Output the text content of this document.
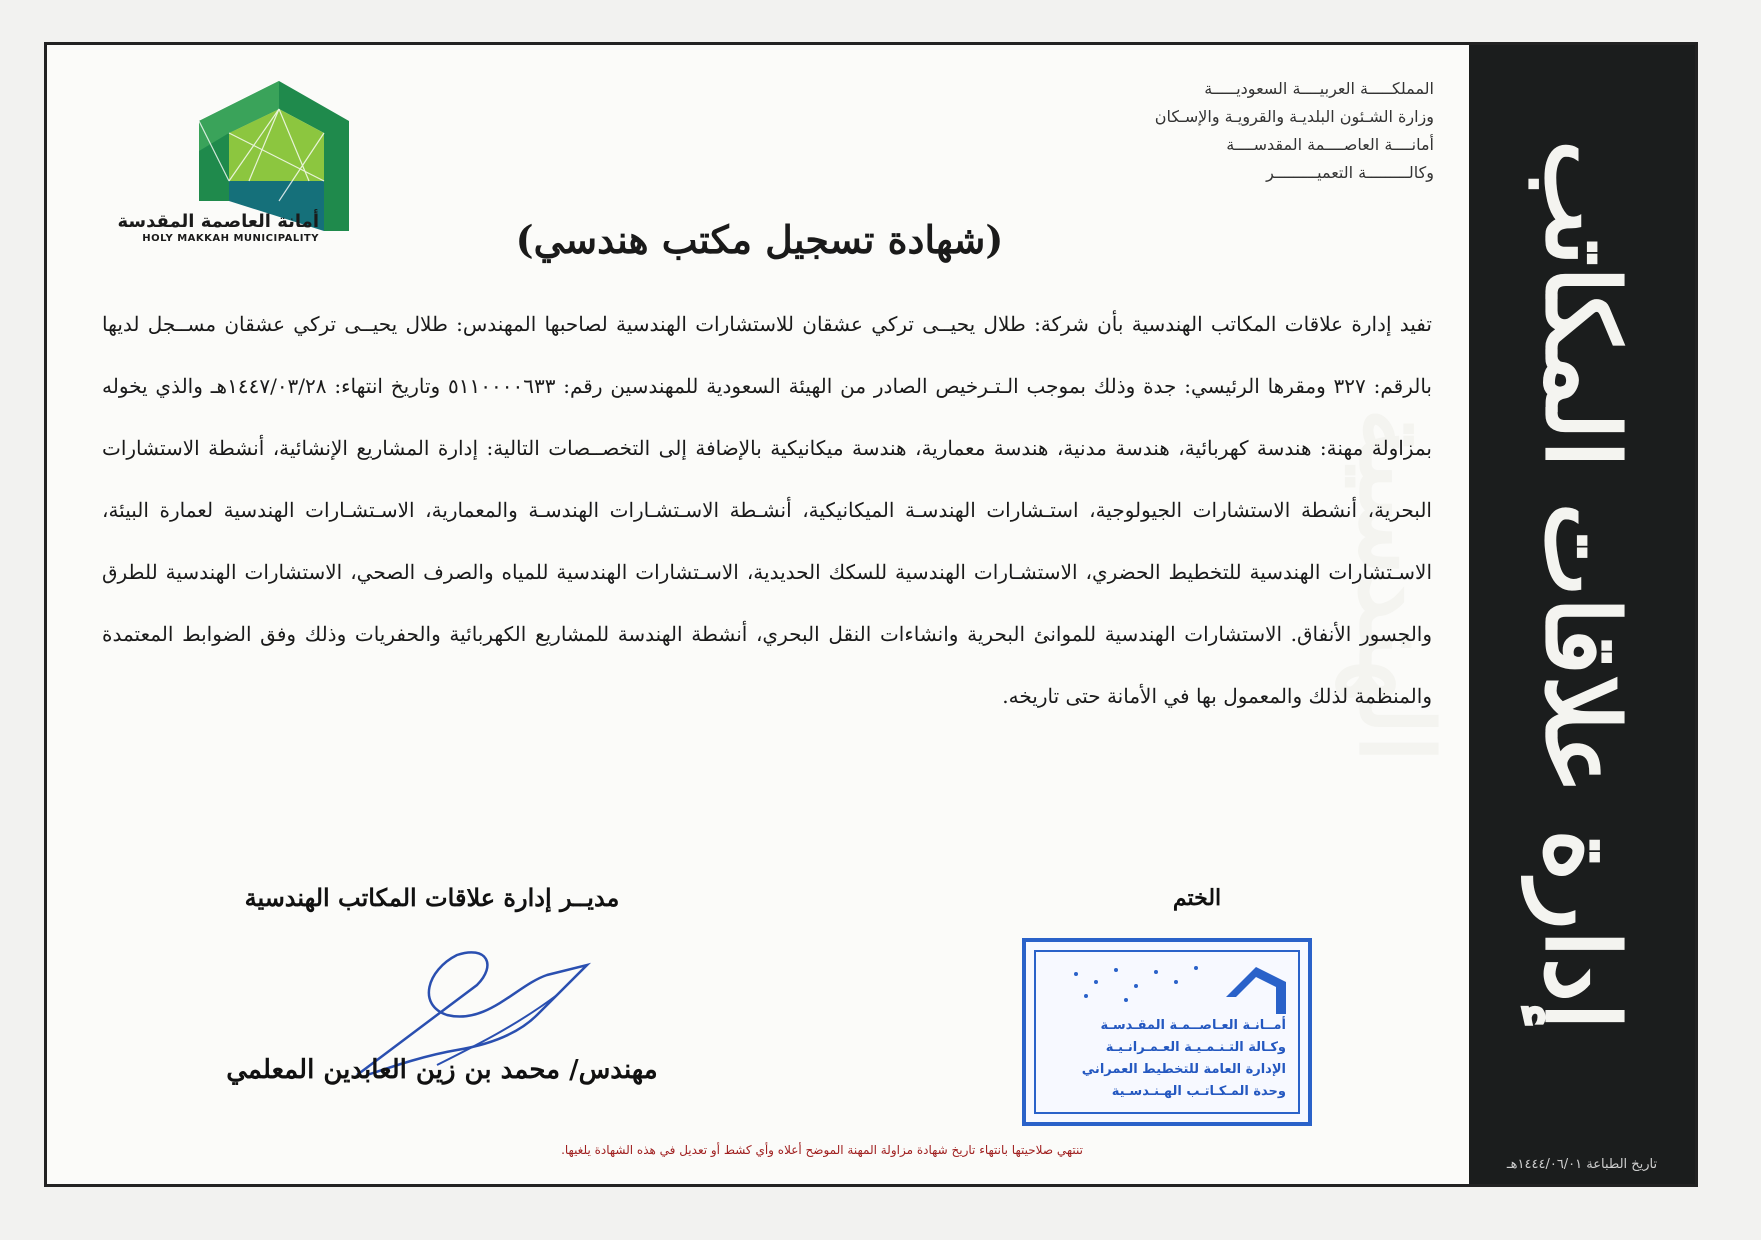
إدارة علاقات المكاتب الهندسية
تاريخ الطباعة ١٤٤٤/٠٦/٠١هـ
المملكـــــة العربيــــة السعوديـــــة
وزارة الشـئون البلديـة والقرويـة والإسـكان
أمانــــة العاصــــمة المقدســــة
وكالـــــــــة التعميـــــــــر
أمانة العاصمة المقدسة
HOLY MAKKAH MUNICIPALITY	(شهادة تسجيل مكتب هندسي)
تفيد إدارة علاقات المكاتب الهندسية بأن شركة: طلال يحيــى تركي عشقان للاستشارات الهندسية لصاحبها المهندس: طلال يحيــى تركي عشقان مســجل لديها بالرقم: ٣٢٧ ومقرها الرئيسي: جدة وذلك بموجب الـتـرخيص الصادر من الهيئة السعودية للمهندسين رقم: ٥١١٠٠٠٠٦٣٣ وتاريخ انتهاء: ١٤٤٧/٠٣/٢٨هـ والذي يخوله بمزاولة مهنة: هندسة كهربائية، هندسة مدنية، هندسة معمارية، هندسة ميكانيكية بالإضافة إلى التخصــصات التالية: إدارة المشاريع الإنشائية، أنشطة الاستشارات البحرية، أنشطة الاستشارات الجيولوجية، استـشارات الهندسـة الميكانيكية، أنشـطة الاسـتشـارات الهندسـة والمعمارية، الاسـتشـارات الهندسية لعمارة البيئة، الاسـتشارات الهندسية للتخطيط الحضري، الاستشـارات الهندسية للسكك الحديدية، الاسـتشارات الهندسية للمياه والصرف الصحي، الاستشارات الهندسية للطرق والجسور الأنفاق. الاستشارات الهندسية للموانئ البحرية وانشاءات النقل البحري، أنشطة الهندسة للمشاريع الكهربائية والحفريات وذلك وفق الضوابط المعتمدة والمنظمة لذلك والمعمول بها في الأمانة حتى تاريخه.
الختم
أمــانـة العـاصــمـة المقـدسـة
وكـالة التـنـمـيـة العـمـرانـيـة
الإدارة العامة للتخطيط العمراني
وحدة المـكـاتـب الهـنـدسـية
مديــر إدارة علاقات المكاتب الهندسية
مهندس/ محمد بن زين العابدين المعلمي
تنتهي صلاحيتها بانتهاء تاريخ شهادة مزاولة المهنة الموضح أعلاه وأي كشط أو تعديل في هذه الشهادة يلغيها.
